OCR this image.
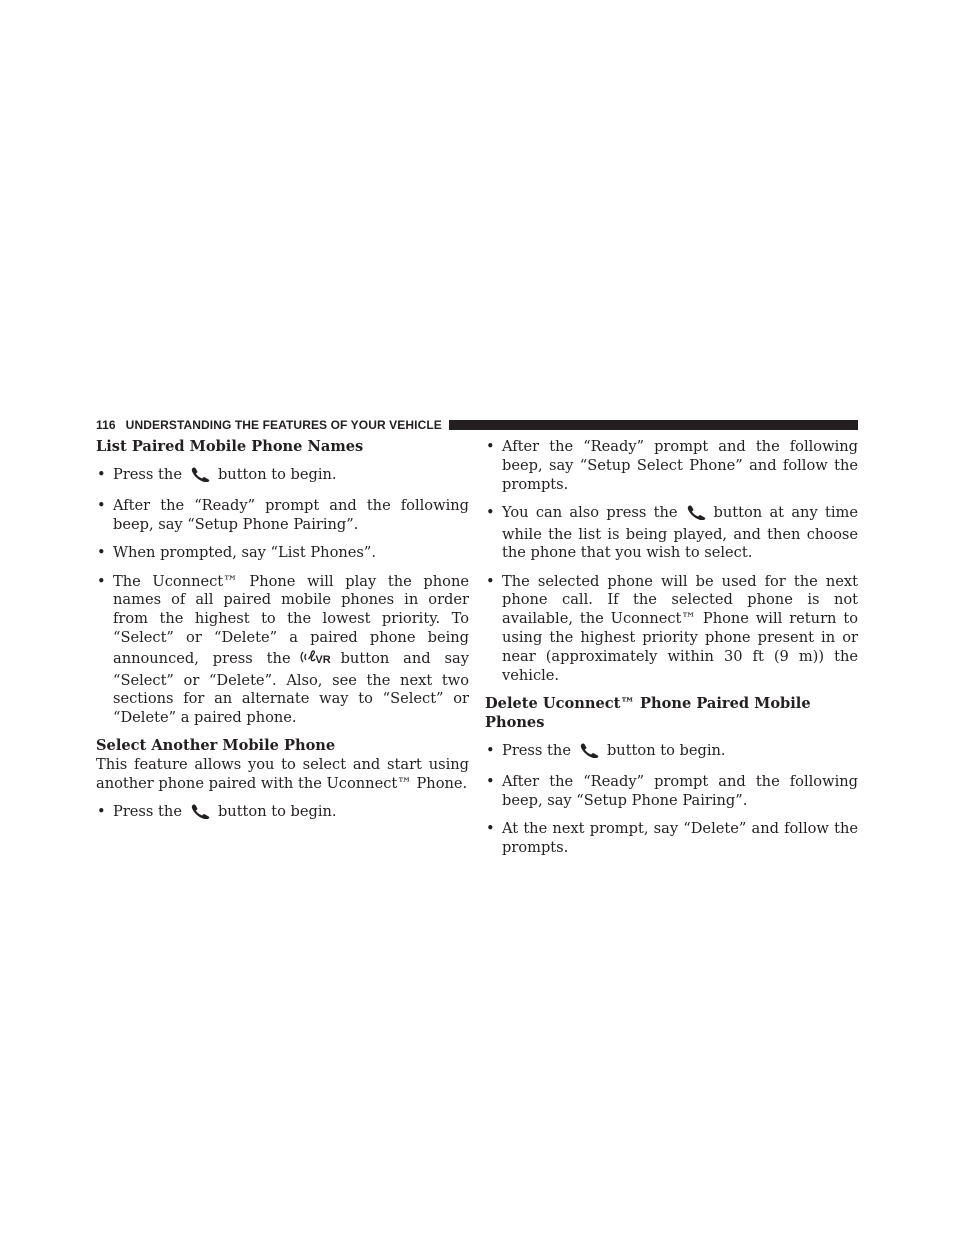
116 UNDERSTANDING THE FEATURES OF YOUR VEHICLE
List Paired Mobile Phone Names
• Press the button to begin.
• After the “Ready” prompt and the following beep, say “Setup Phone Pairing”.
• When prompted, say “List Phones”.
• The Uconnect™ Phone will play the phone names of all paired mobile phones in order from the highest to the lowest priority. To “Select” or “Delete” a paired phone being announced, press the VR button and say “Select” or “Delete”. Also, see the next two sections for an alternate way to “Select” or “Delete” a paired phone.
Select Another Mobile Phone

This feature allows you to select and start using another phone paired with the Uconnect™ Phone.

• Press the button to begin.
• After the “Ready” prompt and the following beep, say “Setup Select Phone” and follow the prompts.
• You can also press the button at any time while the list is being played, and then choose the phone that you wish to select.
• The selected phone will be used for the next phone call. If the selected phone is not available, the Uconnect™ Phone will return to using the highest priority phone present in or near (approximately within 30 ft (9 m)) the vehicle.
Delete Uconnect™ Phone Paired Mobile Phones
• Press the button to begin.
• After the “Ready” prompt and the following beep, say “Setup Phone Pairing”.
• At the next prompt, say “Delete” and follow the prompts.
